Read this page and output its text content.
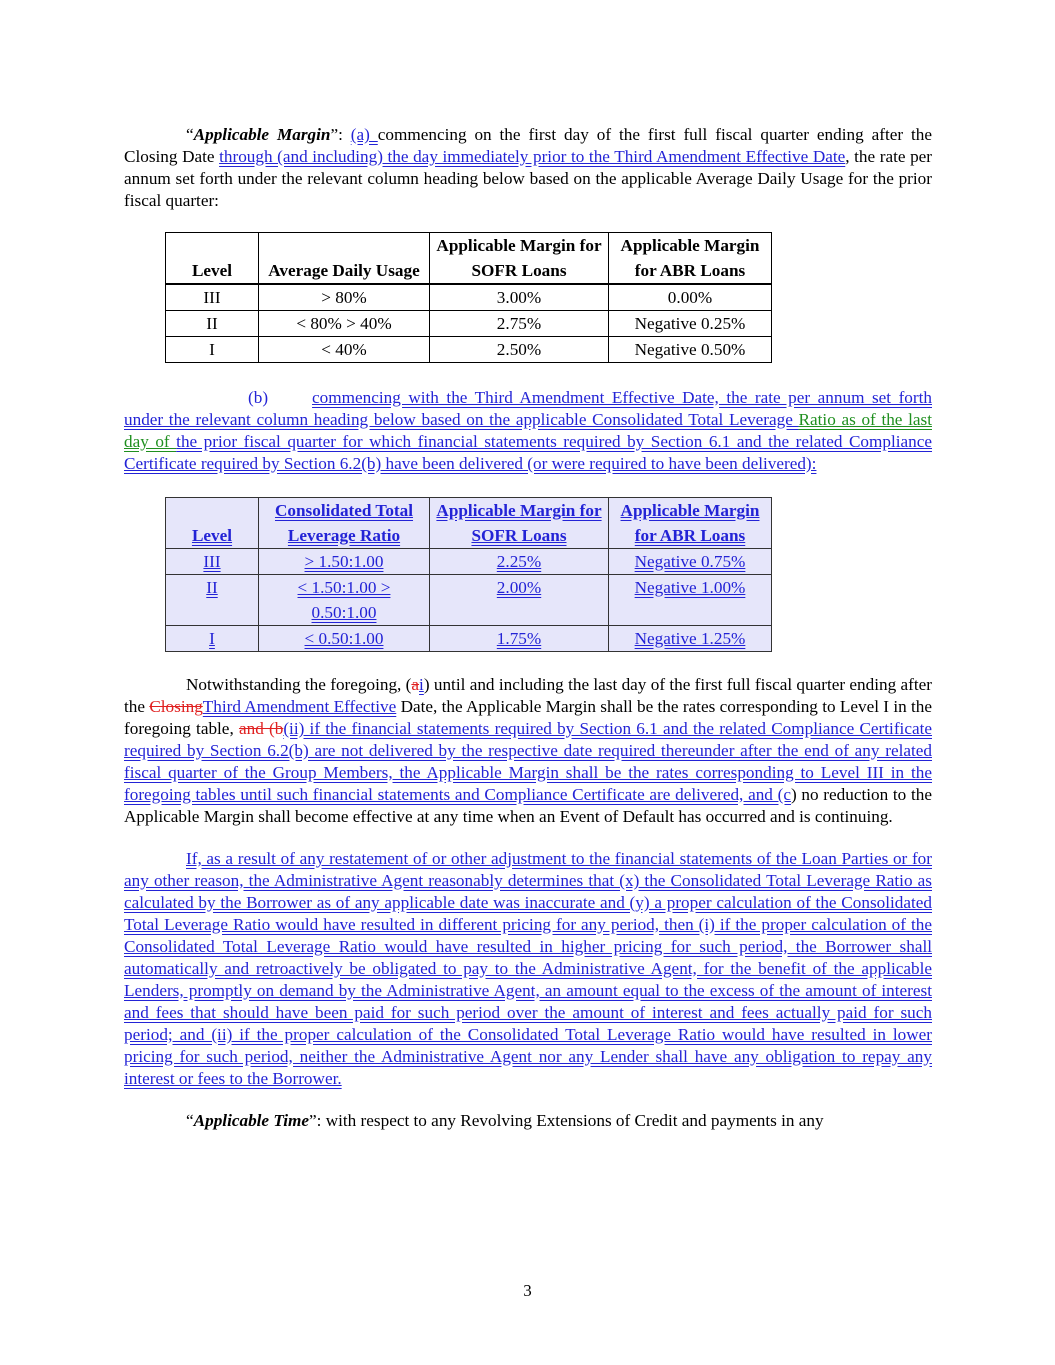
“Applicable Margin”: (a) commencing on the first day of the first full fiscal quarter ending after the Closing Date through (and including) the day immediately prior to the Third Amendment Effective Date, the rate per annum set forth under the relevant column heading below based on the applicable Average Daily Usage for the prior fiscal quarter:

Level	Average Daily Usage	Applicable Margin for SOFR Loans	Applicable Margin for ABR Loans
III	> 80%	3.00%	0.00%
II	< 80% > 40%	2.75%	Negative 0.25%
I	< 40%	2.50%	Negative 0.50%

(b)	commencing with the Third Amendment Effective Date, the rate per annum set forth under the relevant column heading below based on the applicable Consolidated Total Leverage Ratio as of the last day of the prior fiscal quarter for which financial statements required by Section 6.1 and the related Compliance Certificate required by Section 6.2(b) have been delivered (or were required to have been delivered):

Level	Consolidated Total Leverage Ratio	Applicable Margin for SOFR Loans	Applicable Margin for ABR Loans
III	> 1.50:1.00	2.25%	Negative 0.75%
II	< 1.50:1.00 > 0.50:1.00	2.00%	Negative 1.00%
I	< 0.50:1.00	1.75%	Negative 1.25%

Notwithstanding the foregoing, (ai) until and including the last day of the first full fiscal quarter ending after the ClosingThird Amendment Effective Date, the Applicable Margin shall be the rates corresponding to Level I in the foregoing table, and (b(ii) if the financial statements required by Section 6.1 and the related Compliance Certificate required by Section 6.2(b) are not delivered by the respective date required thereunder after the end of any related fiscal quarter of the Group Members, the Applicable Margin shall be the rates corresponding to Level III in the foregoing tables until such financial statements and Compliance Certificate are delivered, and (c) no reduction to the Applicable Margin shall become effective at any time when an Event of Default has occurred and is continuing.

If, as a result of any restatement of or other adjustment to the financial statements of the Loan Parties or for any other reason, the Administrative Agent reasonably determines that (x) the Consolidated Total Leverage Ratio as calculated by the Borrower as of any applicable date was inaccurate and (y) a proper calculation of the Consolidated Total Leverage Ratio would have resulted in different pricing for any period, then (i) if the proper calculation of the Consolidated Total Leverage Ratio would have resulted in higher pricing for such period, the Borrower shall automatically and retroactively be obligated to pay to the Administrative Agent, for the benefit of the applicable Lenders, promptly on demand by the Administrative Agent, an amount equal to the excess of the amount of interest and fees that should have been paid for such period over the amount of interest and fees actually paid for such period; and (ii) if the proper calculation of the Consolidated Total Leverage Ratio would have resulted in lower pricing for such period, neither the Administrative Agent nor any Lender shall have any obligation to repay any interest or fees to the Borrower.

“Applicable Time”: with respect to any Revolving Extensions of Credit and payments in any

3
